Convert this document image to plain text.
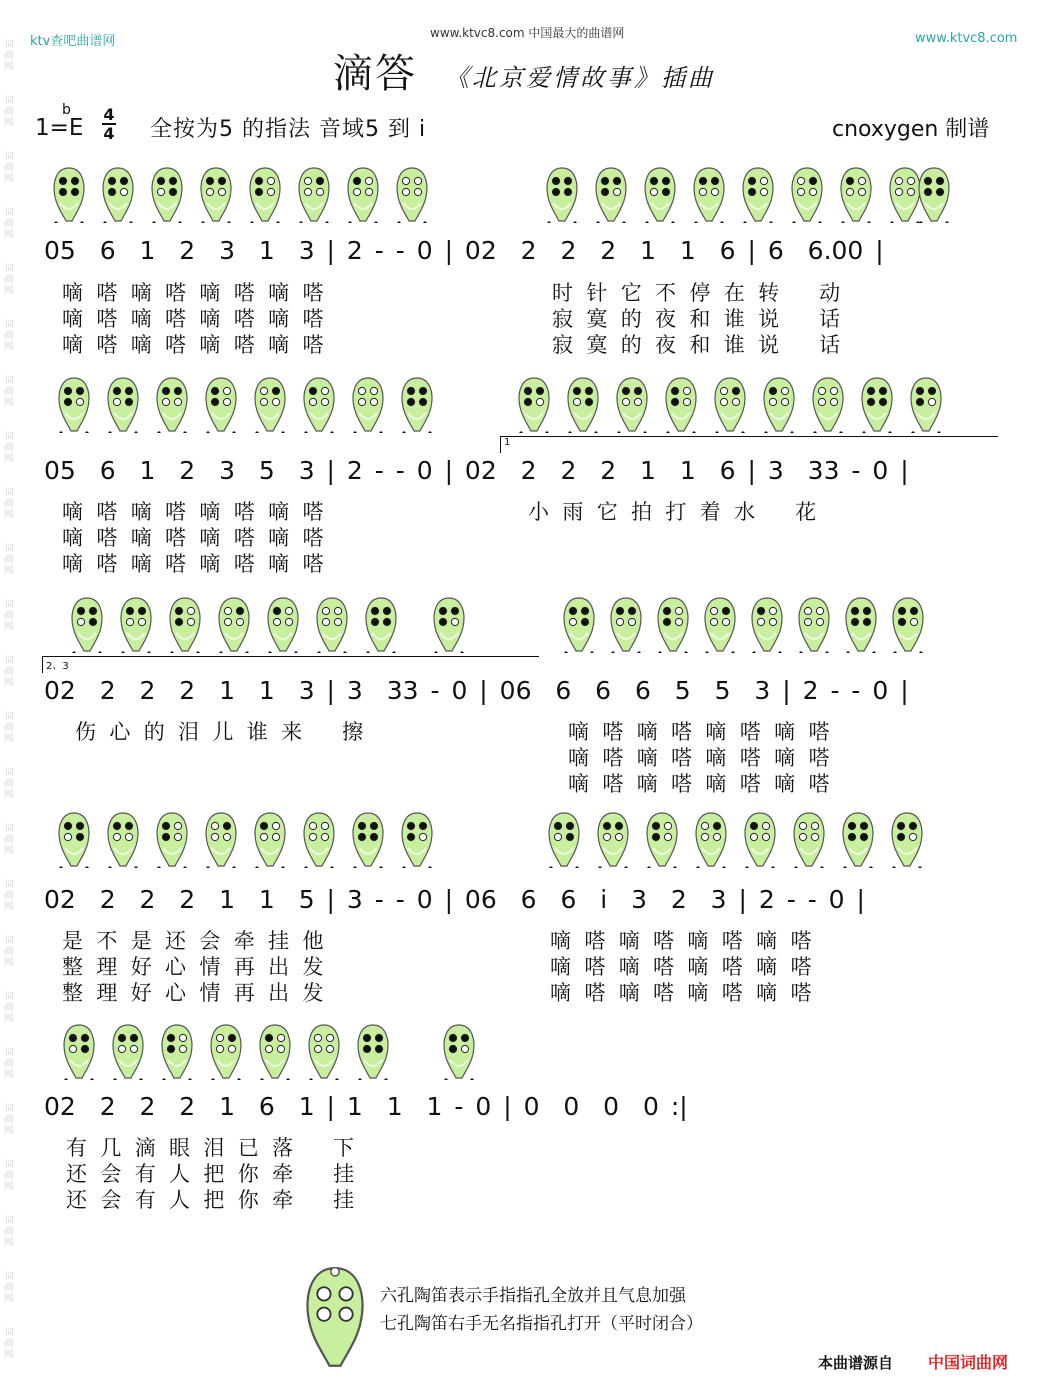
词曲网
词曲网
词曲网
词曲网
词曲网
词曲网
词曲网
词曲网
词曲网
词曲网
词曲网
词曲网
词曲网
词曲网
词曲网
词曲网
词曲网
词曲网
词曲网
词曲网
词曲网
词曲网
词曲网
词曲网
ktv查吧曲谱网
www.ktvc8.com 中国最大的曲谱网	www.ktvc8.com
滴答 《北京爱情故事》插曲
1=E
b 4
4 全按为5 的指法 音域5 到 i	cnoxygen 制谱
05  6  1  2  3  1  3 | 2 - - 0 | 02  2  2  2  1  1  6 | 6  6.00 |
嘀  嗒  嘀  嗒  嘀  嗒  嘀  嗒	时  针  它  不  停  在  转      动
嘀  嗒  嘀  嗒  嘀  嗒  嘀  嗒	寂  寞  的  夜  和  谁  说      话
嘀  嗒  嘀  嗒  嘀  嗒  嘀  嗒	寂  寞  的  夜  和  谁  说      话
05  6  1  2  3  5  3 | 2 - - 0 | 02  2  2  2  1  1  6 | 3  33 - 0 |
1
嘀  嗒  嘀  嗒  嘀  嗒  嘀  嗒	小  雨  它  拍  打  着  水      花
嘀  嗒  嘀  嗒  嘀  嗒  嘀  嗒
嘀  嗒  嘀  嗒  嘀  嗒  嘀  嗒
02  2  2  2  1  1  3 | 3  33 - 0 | 06  6  6  6  5  5  3 | 2 - - 0 |
2、3
伤  心  的  泪  儿  谁  来      擦	嘀  嗒  嘀  嗒  嘀  嗒  嘀  嗒
嘀  嗒  嘀  嗒  嘀  嗒  嘀  嗒
嘀  嗒  嘀  嗒  嘀  嗒  嘀  嗒
02  2  2  2  1  1  5 | 3 - - 0 | 06  6  6  i  3  2  3 | 2 - - 0 |
是  不  是  还  会  牵  挂  他	嘀  嗒  嘀  嗒  嘀  嗒  嘀  嗒
整  理  好  心  情  再  出  发	嘀  嗒  嘀  嗒  嘀  嗒  嘀  嗒
整  理  好  心  情  再  出  发	嘀  嗒  嘀  嗒  嘀  嗒  嘀  嗒
02  2  2  2  1  6  1 | 1  1  1 - 0 | 0  0  0  0 :|
有  几  滴  眼  泪  已  落      下
还  会  有  人  把  你  牵      挂
还  会  有  人  把  你  牵      挂
六孔陶笛表示手指指孔全放并且气息加强
七孔陶笛右手无名指指孔打开（平时闭合）
本曲谱源自 中国词曲网
